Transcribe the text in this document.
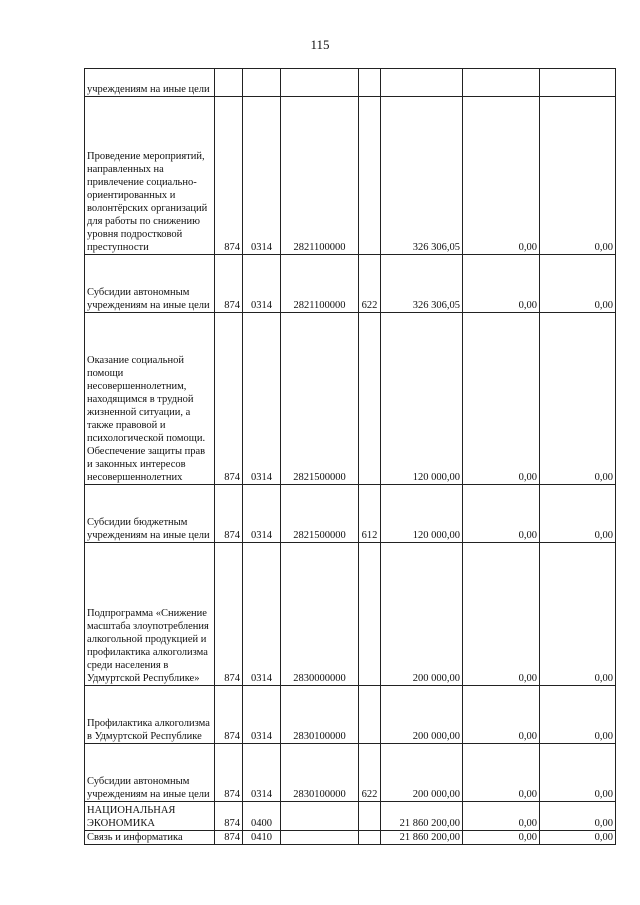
115
учреждениям на иные цели							
Проведение мероприятий, направленных на привлечение социально-ориентированных и волонтёрских организаций для работы по снижению уровня подростковой преступности	874	0314	2821100000		326 306,05	0,00	0,00
Субсидии автономным учреждениям на иные цели	874	0314	2821100000	622	326 306,05	0,00	0,00
Оказание социальной помощи несовершеннолетним, находящимся в трудной жизненной ситуации, а также правовой и психологической помощи. Обеспечение защиты прав и законных интересов несовершеннолетних	874	0314	2821500000		120 000,00	0,00	0,00
Субсидии бюджетным учреждениям на иные цели	874	0314	2821500000	612	120 000,00	0,00	0,00
Подпрограмма «Снижение масштаба злоупотребления алкогольной продукцией и профилактика алкоголизма среди населения в Удмуртской Республике»	874	0314	2830000000		200 000,00	0,00	0,00
Профилактика алкоголизма в Удмуртской Республике	874	0314	2830100000		200 000,00	0,00	0,00
Субсидии автономным учреждениям на иные цели	874	0314	2830100000	622	200 000,00	0,00	0,00
НАЦИОНАЛЬНАЯ ЭКОНОМИКА	874	0400			21 860 200,00	0,00	0,00
Связь и информатика	874	0410			21 860 200,00	0,00	0,00
